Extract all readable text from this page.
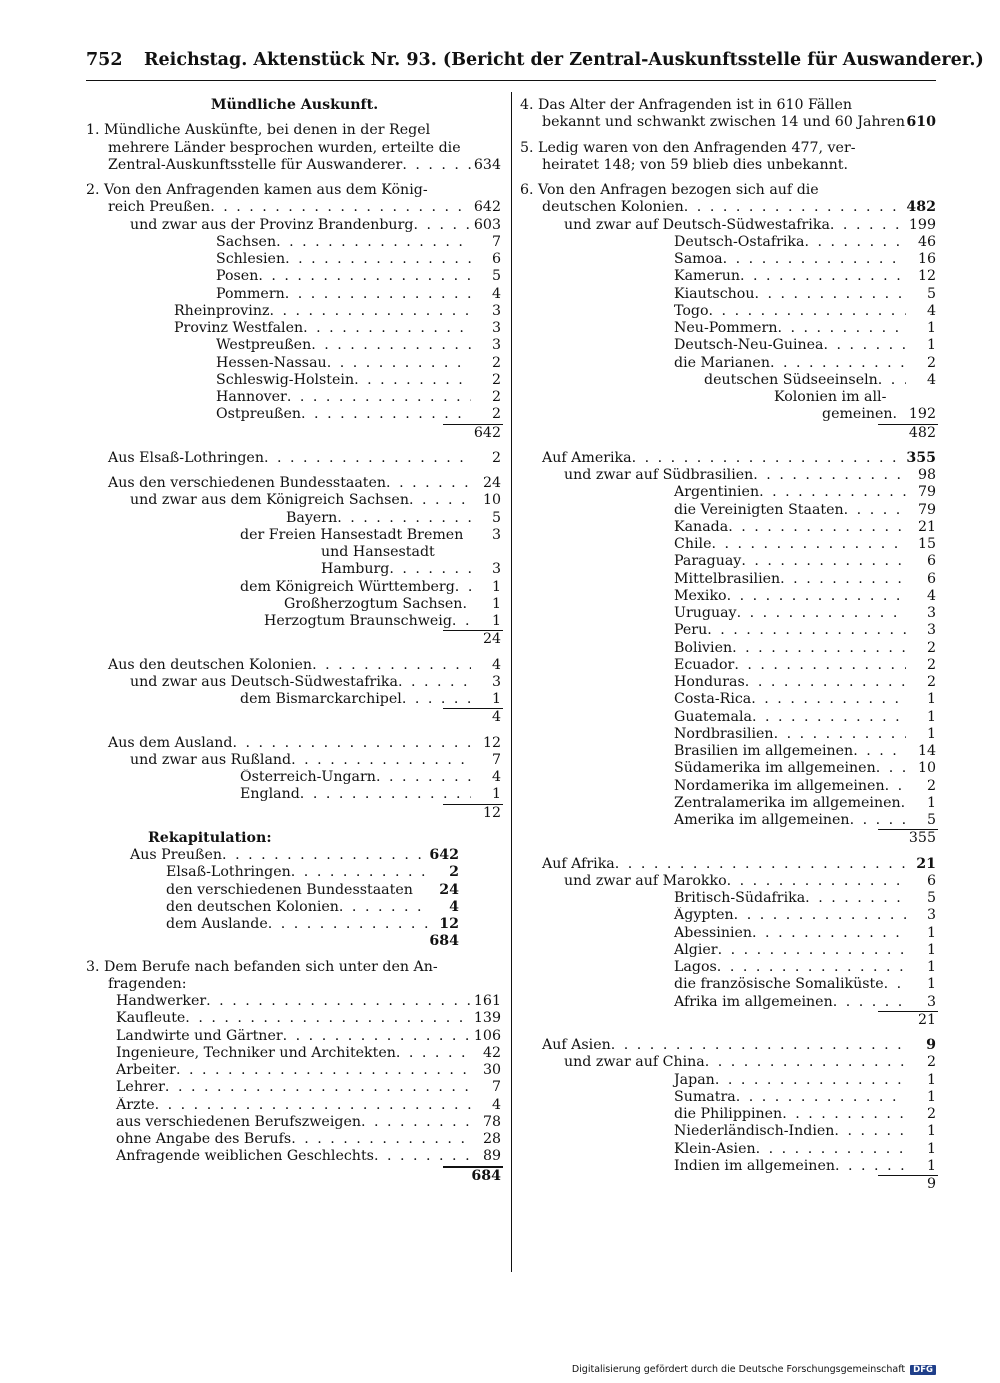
752	Reichstag. Aktenstück Nr. 93. (Bericht der Zentral-Auskunftsstelle für Auswanderer.)
Mündliche Auskunft.
1. Mündliche Auskünfte, bei denen in der Regel
mehrere Länder besprochen wurden, erteilte die
Zentral-Auskunftsstelle für Auswanderer . . .	634
2. Von den Anfragenden kamen aus dem König-
reich Preußen . . .	642
und zwar aus der Provinz Brandenburg . . .	603
Sachsen . . .	7
Schlesien . . .	6
Posen . . .	5
Pommern . . .	4
Rheinprovinz . . .	3
Provinz Westfalen . . .	3
Westpreußen . . .	3
Hessen-Nassau . . .	2
Schleswig-Holstein . . .	2
Hannover . . .	2
Ostpreußen . . .	2
642
Aus Elsaß-Lothringen . . .	2
Aus den verschiedenen Bundesstaaten . . .	24
und zwar aus dem Königreich Sachsen . . .	10
Bayern . . .	5
der Freien Hansestadt Bremen	3
und Hansestadt
Hamburg . . .	3
dem Königreich Württemberg . . .	1
Großherzogtum Sachsen . . .	1
Herzogtum Braunschweig . . .	1
24
Aus den deutschen Kolonien . . .	4
und zwar aus Deutsch-Südwestafrika . . .	3
dem Bismarckarchipel . . .	1
4
Aus dem Ausland . . .	12
und zwar aus Rußland . . .	7
Österreich-Ungarn . . .	4
England . . .	1
12
Rekapitulation:
Aus Preußen . . .	642
Elsaß-Lothringen . . .	2
den verschiedenen Bundesstaaten	24
den deutschen Kolonien . . .	4
dem Auslande . . .	12
684
3. Dem Berufe nach befanden sich unter den An-
fragenden:
Handwerker . . .	161
Kaufleute . . .	139
Landwirte und Gärtner . . .	106
Ingenieure, Techniker und Architekten . . .	42
Arbeiter . . .	30
Lehrer . . .	7
Ärzte . . .	4
aus verschiedenen Berufszweigen . . .	78
ohne Angabe des Berufs . . .	28
Anfragende weiblichen Geschlechts . . .	89
684
4. Das Alter der Anfragenden ist in 610 Fällen
bekannt und schwankt zwischen 14 und 60 Jahren 610
5. Ledig waren von den Anfragenden 477, ver-
heiratet 148; von 59 blieb dies unbekannt.
6. Von den Anfragen bezogen sich auf die
deutschen Kolonien . . .	482
und zwar auf Deutsch-Südwestafrika . . .	199
Deutsch-Ostafrika . . .	46
Samoa . . .	16
Kamerun . . .	12
Kiautschou . . .	5
Togo . . .	4
Neu-Pommern . . .	1
Deutsch-Neu-Guinea . . .	1
die Marianen . . .	2
deutschen Südseeinseln . . .	4
Kolonien im all-
gemeinen . . . 192
482
Auf Amerika . . .	355
und zwar auf Südbrasilien . . .	98
Argentinien . . .	79
die Vereinigten Staaten . . .	79
Kanada . . .	21
Chile . . .	15
Paraguay . . .	6
Mittelbrasilien . . .	6
Mexiko . . .	4
Uruguay . . .	3
Peru . . .	3
Bolivien . . .	2
Ecuador . . .	2
Honduras . . .	2
Costa-Rica . . .	1
Guatemala . . .	1
Nordbrasilien . . .	1
Brasilien im allgemeinen . . .	14
Südamerika im allgemeinen . . .	10
Nordamerika im allgemeinen . . .	2
Zentralamerika im allgemeinen . . .	1
Amerika im allgemeinen . . .	5
355
Auf Afrika . . .	21
und zwar auf Marokko . . .	6
Britisch-Südafrika . . .	5
Ägypten . . .	3
Abessinien . . .	1
Algier . . .	1
Lagos . . .	1
die französische Somaliküste . . .	1
Afrika im allgemeinen . . .	3
21
Auf Asien . . .	9
und zwar auf China . . .	2
Japan . . .	1
Sumatra . . .	1
die Philippinen . . .	2
Niederländisch-Indien . . .	1
Klein-Asien . . .	1
Indien im allgemeinen . . .	1
9
Digitalisierung gefördert durch die Deutsche Forschungsgemeinschaft DFG
